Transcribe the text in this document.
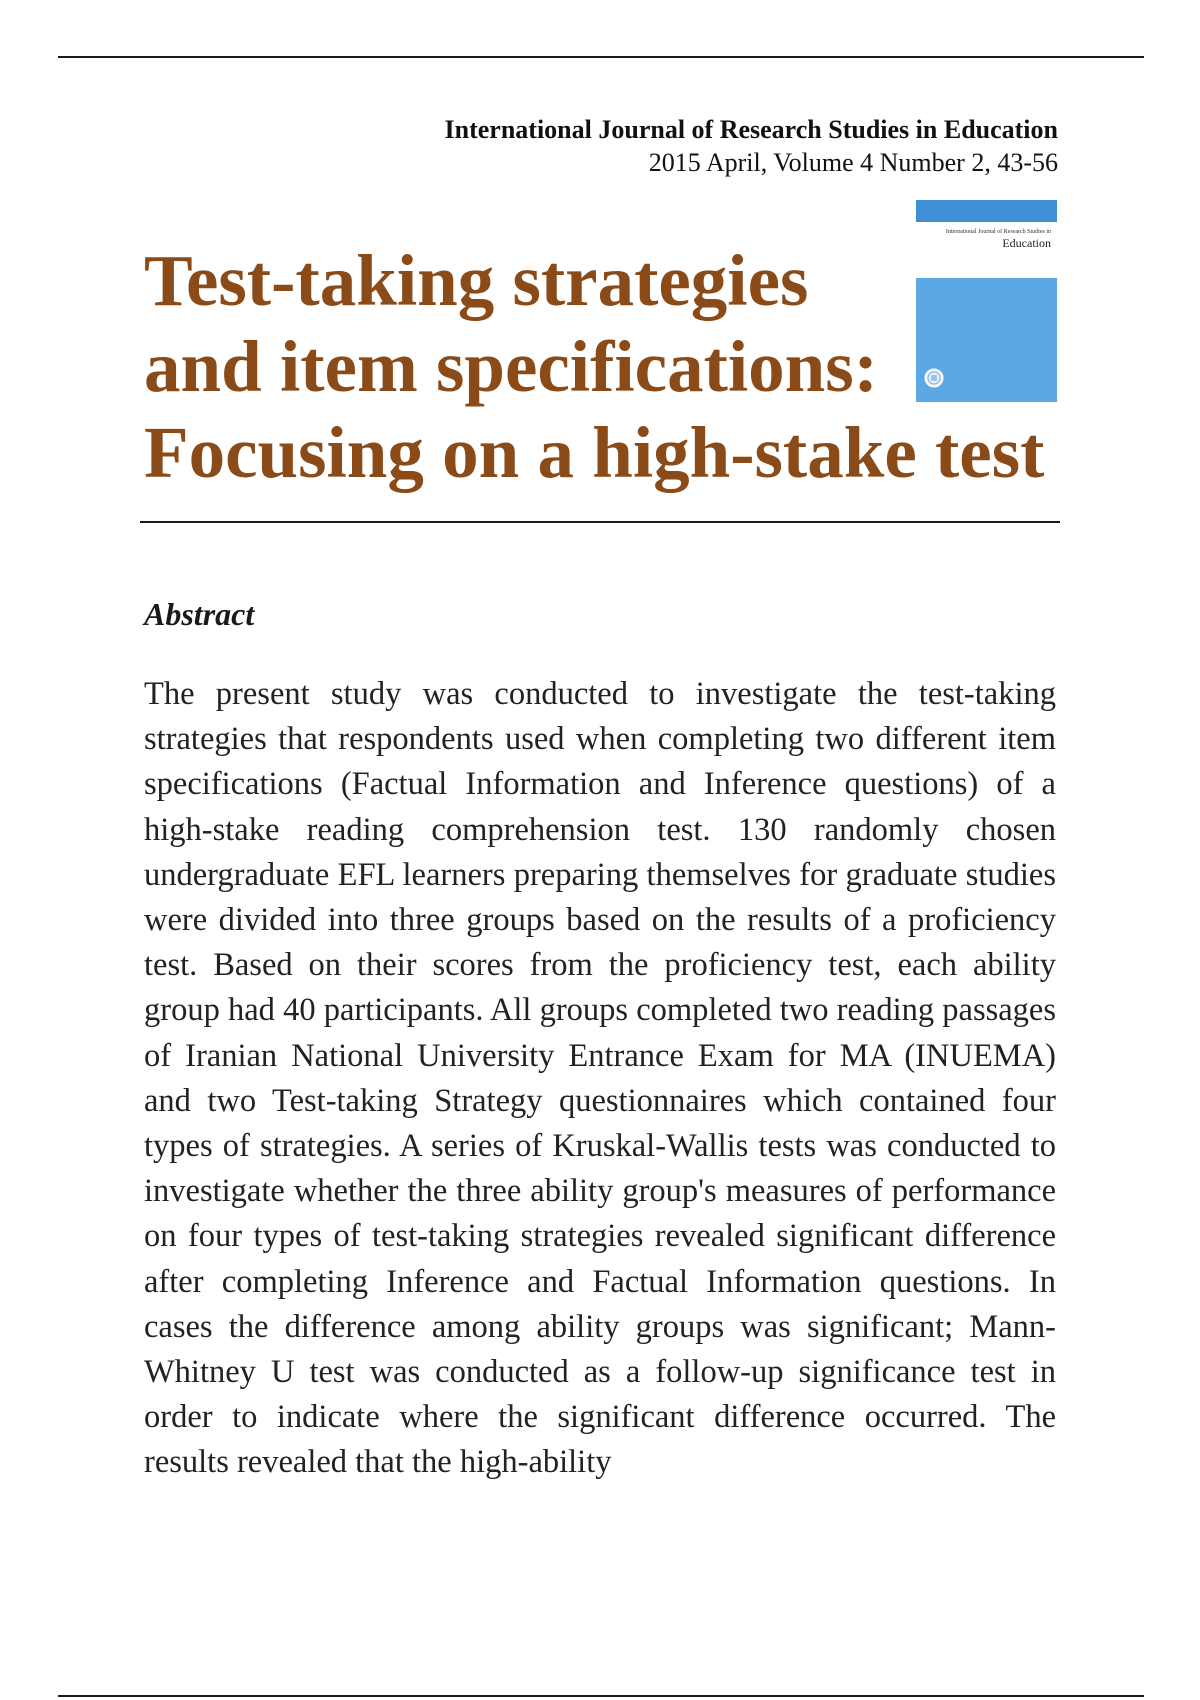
International Journal of Research Studies in Education
2015 April, Volume 4 Number 2, 43-56
Test-taking strategies
and item specifications:
Focusing on a high-stake test
International Journal of Research Studies in
Education

Abstract

The present study was conducted to investigate the test-taking strategies that respondents used when completing two different item specifications (Factual Information and Inference questions) of a high-stake reading comprehension test. 130 randomly chosen undergraduate EFL learners preparing themselves for graduate studies were divided into three groups based on the results of a proficiency test. Based on their scores from the proficiency test, each ability group had 40 participants. All groups completed two reading passages of Iranian National University Entrance Exam for MA (INUEMA) and two Test-taking Strategy questionnaires which contained four types of strategies. A series of Kruskal-Wallis tests was conducted to investigate whether the three ability group's measures of performance on four types of test-taking strategies revealed significant difference after completing Inference and Factual Information questions. In cases the difference among ability groups was significant; Mann-Whitney U test was conducted as a follow-up significance test in order to indicate where the significant difference occurred. The results revealed that the high-ability
